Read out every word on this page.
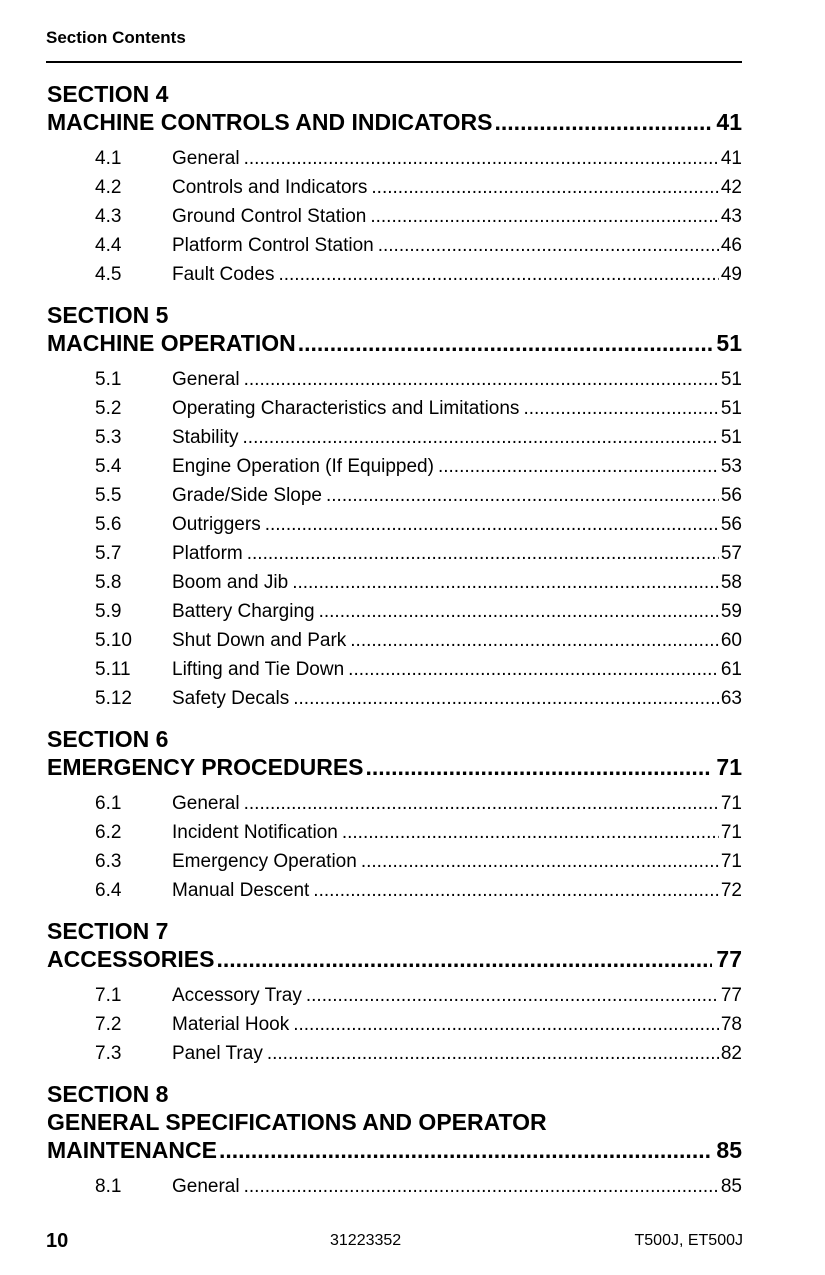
Section Contents
SECTION 4
MACHINE CONTROLS AND INDICATORS .....	41
4.1	General .....	41
4.2	Controls and Indicators .....	42
4.3	Ground Control Station .....	43
4.4	Platform Control Station .....	46
4.5	Fault Codes .....	49
SECTION 5
MACHINE OPERATION .....	51
5.1	General .....	51
5.2	Operating Characteristics and Limitations .....	51
5.3	Stability .....	51
5.4	Engine Operation (If Equipped) .....	53
5.5	Grade/Side Slope .....	56
5.6	Outriggers .....	56
5.7	Platform .....	57
5.8	Boom and Jib .....	58
5.9	Battery Charging .....	59
5.10	Shut Down and Park .....	60
5.11	Lifting and Tie Down .....	61
5.12	Safety Decals .....	63
SECTION 6
EMERGENCY PROCEDURES .....	71
6.1	General .....	71
6.2	Incident Notification .....	71
6.3	Emergency Operation .....	71
6.4	Manual Descent .....	72
SECTION 7
ACCESSORIES .....	77
7.1	Accessory Tray .....	77
7.2	Material Hook .....	78
7.3	Panel Tray .....	82
SECTION 8
GENERAL SPECIFICATIONS AND OPERATOR
MAINTENANCE .....	85
8.1	General .....	85
10	31223352	T500J, ET500J
